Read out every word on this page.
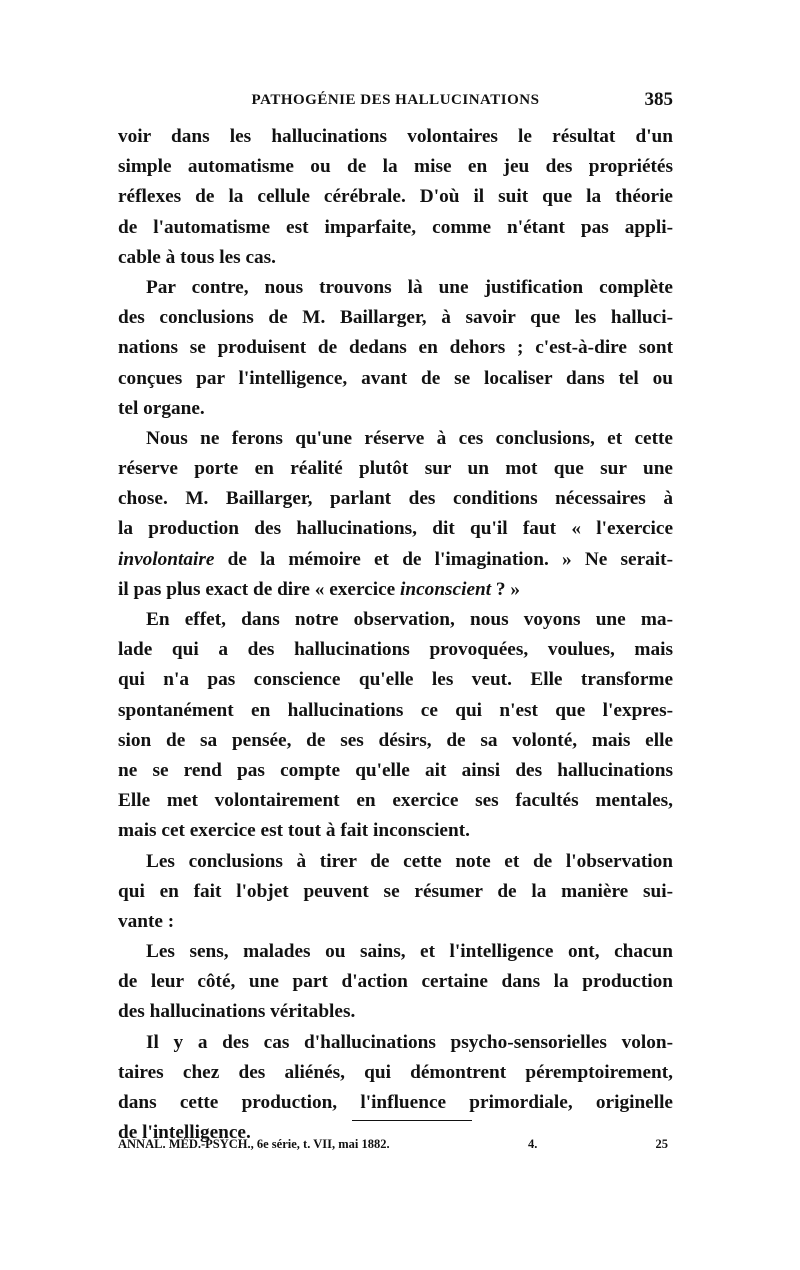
PATHOGÉNIE DES HALLUCINATIONS	385
voir dans les hallucinations volontaires le résultat d'un
simple automatisme ou de la mise en jeu des propriétés
réflexes de la cellule cérébrale. D'où il suit que la théorie
de l'automatisme est imparfaite, comme n'étant pas appli-
cable à tous les cas.
Par contre, nous trouvons là une justification complète
des conclusions de M. Baillarger, à savoir que les halluci-
nations se produisent de dedans en dehors ; c'est-à-dire sont
conçues par l'intelligence, avant de se localiser dans tel ou
tel organe.
Nous ne ferons qu'une réserve à ces conclusions, et cette
réserve porte en réalité plutôt sur un mot que sur une
chose. M. Baillarger, parlant des conditions nécessaires à
la production des hallucinations, dit qu'il faut « l'exercice
involontaire de la mémoire et de l'imagination. » Ne serait-
il pas plus exact de dire « exercice inconscient ? »
En effet, dans notre observation, nous voyons une ma-
lade qui a des hallucinations provoquées, voulues, mais
qui n'a pas conscience qu'elle les veut. Elle transforme
spontanément en hallucinations ce qui n'est que l'expres-
sion de sa pensée, de ses désirs, de sa volonté, mais elle
ne se rend pas compte qu'elle ait ainsi des hallucinations
Elle met volontairement en exercice ses facultés mentales,
mais cet exercice est tout à fait inconscient.
Les conclusions à tirer de cette note et de l'observation
qui en fait l'objet peuvent se résumer de la manière sui-
vante :
Les sens, malades ou sains, et l'intelligence ont, chacun
de leur côté, une part d'action certaine dans la production
des hallucinations véritables.
Il y a des cas d'hallucinations psycho-sensorielles volon-
taires chez des aliénés, qui démontrent péremptoirement,
dans cette production, l'influence primordiale, originelle
de l'intelligence.
ANNAL. MÉD.-PSYCH., 6e série, t. VII, mai 1882.	4.	25
